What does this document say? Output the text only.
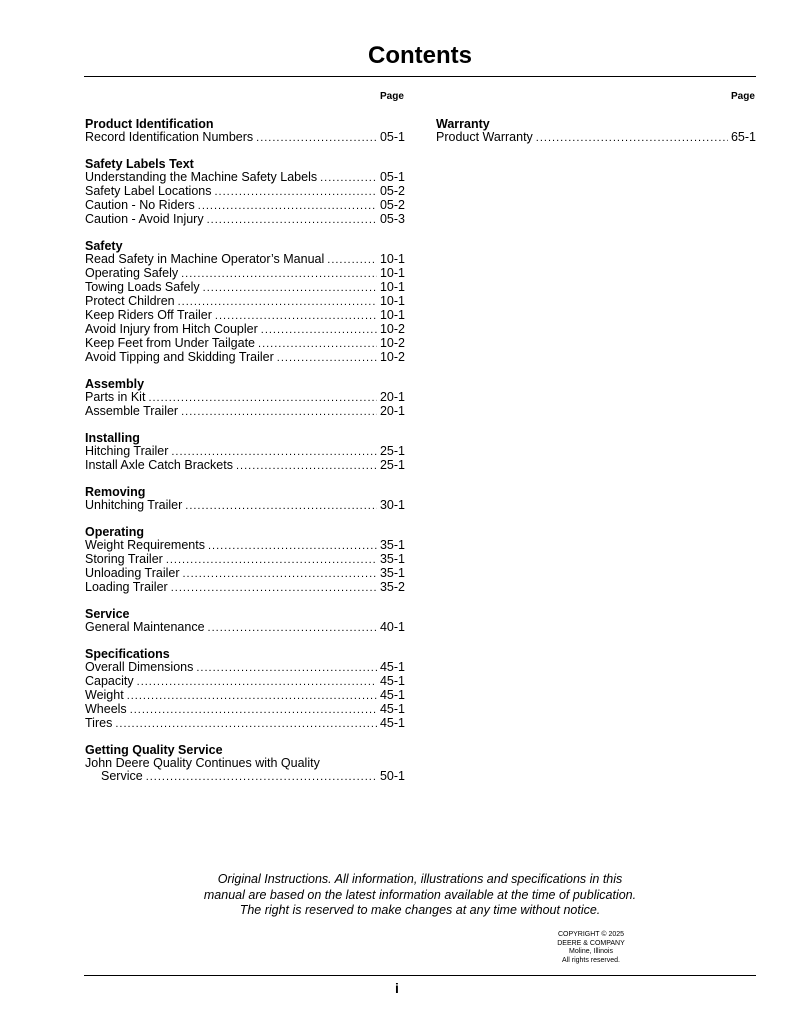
Contents
Page	Page
Product Identification
Record Identification Numbers .....	05-1
Safety Labels Text
Understanding the Machine Safety Labels .....	05-1
Safety Label Locations .....	05-2
Caution - No Riders .....	05-2
Caution - Avoid Injury .....	05-3
Safety
Read Safety in Machine Operator’s Manual .....	10-1
Operating Safely .....	10-1
Towing Loads Safely .....	10-1
Protect Children .....	10-1
Keep Riders Off Trailer .....	10-1
Avoid Injury from Hitch Coupler .....	10-2
Keep Feet from Under Tailgate .....	10-2
Avoid Tipping and Skidding Trailer .....	10-2
Assembly
Parts in Kit .....	20-1
Assemble Trailer .....	20-1
Installing
Hitching Trailer .....	25-1
Install Axle Catch Brackets .....	25-1
Removing
Unhitching Trailer .....	30-1
Operating
Weight Requirements .....	35-1
Storing Trailer .....	35-1
Unloading Trailer .....	35-1
Loading Trailer .....	35-2
Service
General Maintenance .....	40-1
Specifications
Overall Dimensions .....	45-1
Capacity .....	45-1
Weight .....	45-1
Wheels .....	45-1
Tires .....	45-1
Getting Quality Service
John Deere Quality Continues with Quality
Service .....	50-1
Warranty
Product Warranty .....	65-1
Original Instructions. All information, illustrations and specifications in this
manual are based on the latest information available at the time of publication.
The right is reserved to make changes at any time without notice.
COPYRIGHT © 2025
DEERE & COMPANY
Moline, Illinois
All rights reserved.
i
